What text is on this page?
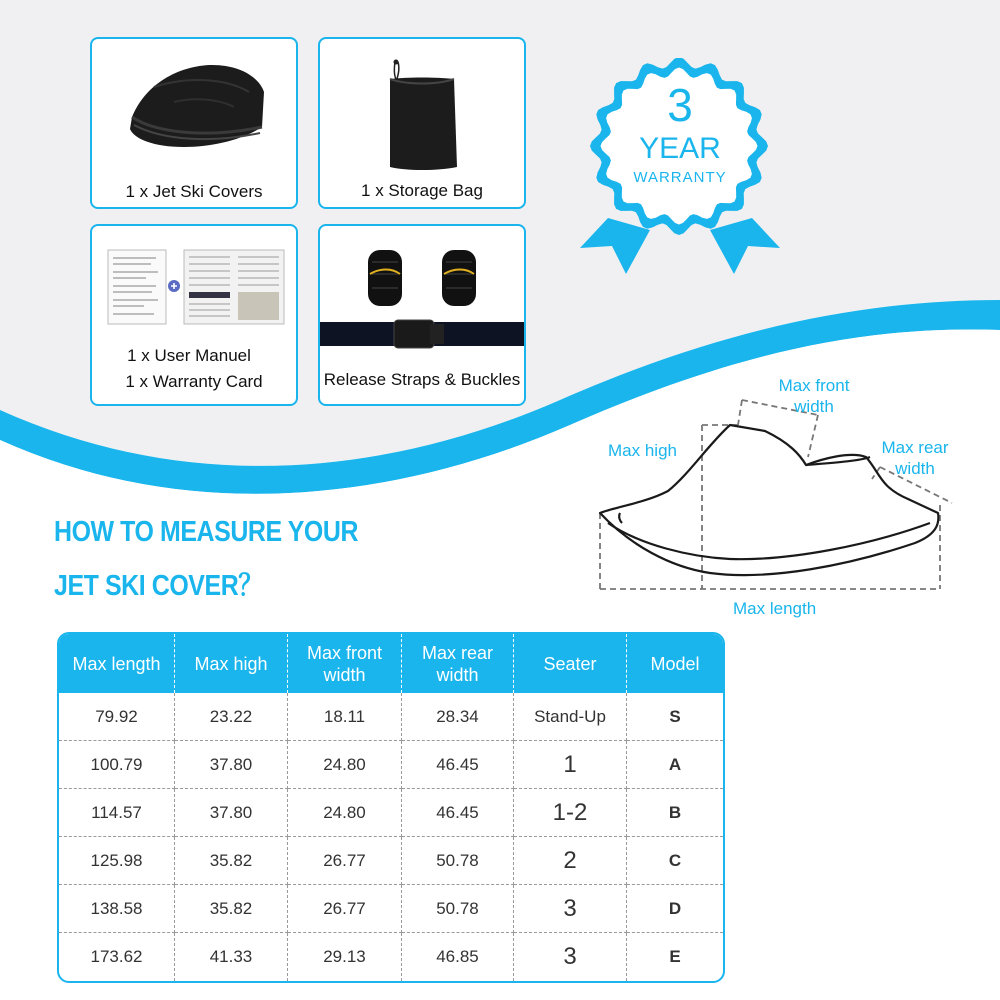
1 x Jet Ski Covers	1 x Storage Bag
1 x User Manuel
1 x Warranty Card	Release Straps & Buckles
3
YEAR
WARRANTY
HOW TO MEASURE YOUR
JET SKI COVER？
Max front width
Max high	Max rear width
Max length
Max length	Max high	Max front width	Max rear width	Seater	Model
79.92	23.22	18.11	28.34	Stand-Up	S
100.79	37.80	24.80	46.45	1	A
114.57	37.80	24.80	46.45	1-2	B
125.98	35.82	26.77	50.78	2	C
138.58	35.82	26.77	50.78	3	D
173.62	41.33	29.13	46.85	3	E
